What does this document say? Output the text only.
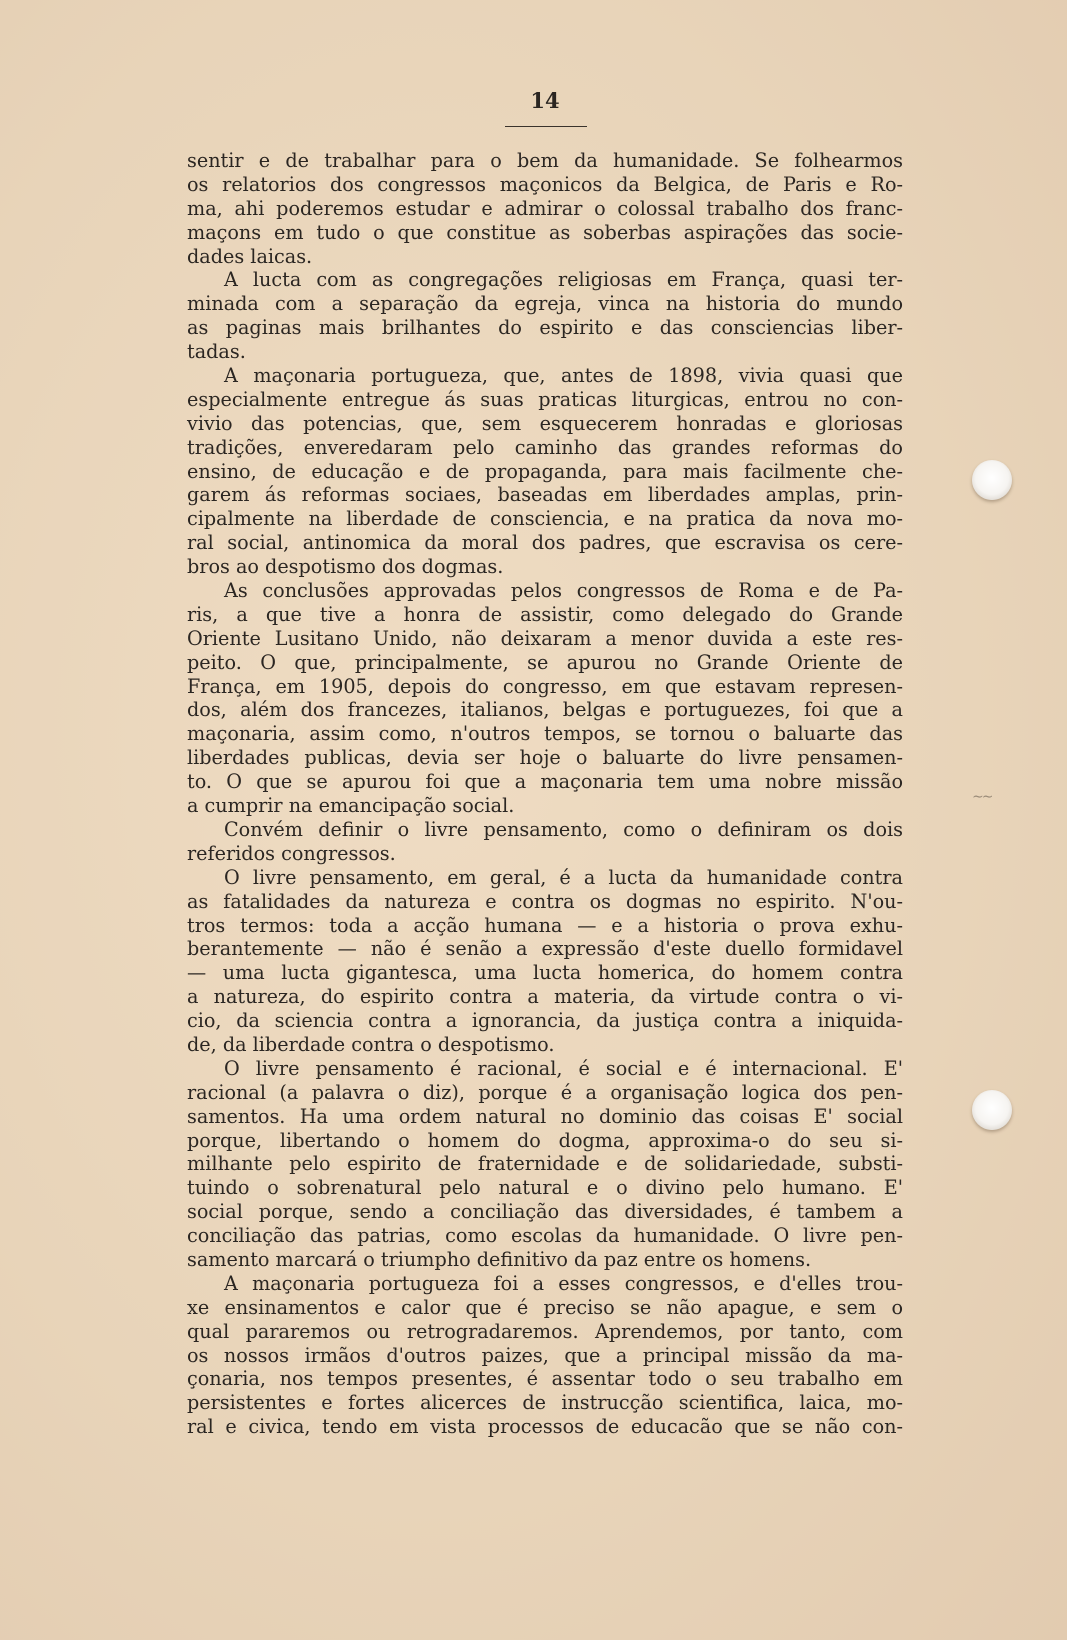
14
sentir e de trabalhar para o bem da humanidade. Se folhearmos
os relatorios dos congressos maçonicos da Belgica, de Paris e Ro-
ma, ahi poderemos estudar e admirar o colossal trabalho dos franc-
maçons em tudo o que constitue as soberbas aspirações das socie-
dades laicas.
A lucta com as congregações religiosas em França, quasi ter-
minada com a separação da egreja, vinca na historia do mundo
as paginas mais brilhantes do espirito e das consciencias liber-
tadas.
A maçonaria portugueza, que, antes de 1898, vivia quasi que
especialmente entregue ás suas praticas liturgicas, entrou no con-
vivio das potencias, que, sem esquecerem honradas e gloriosas
tradições, enveredaram pelo caminho das grandes reformas do
ensino, de educação e de propaganda, para mais facilmente che-
garem ás reformas sociaes, baseadas em liberdades amplas, prin-
cipalmente na liberdade de consciencia, e na pratica da nova mo-
ral social, antinomica da moral dos padres, que escravisa os cere-
bros ao despotismo dos dogmas.
As conclusões approvadas pelos congressos de Roma e de Pa-
ris, a que tive a honra de assistir, como delegado do Grande
Oriente Lusitano Unido, não deixaram a menor duvida a este res-
peito. O que, principalmente, se apurou no Grande Oriente de
França, em 1905, depois do congresso, em que estavam represen-
dos, além dos francezes, italianos, belgas e portuguezes, foi que a
maçonaria, assim como, n'outros tempos, se tornou o baluarte das
liberdades publicas, devia ser hoje o baluarte do livre pensamen-
to. O que se apurou foi que a maçonaria tem uma nobre missão
a cumprir na emancipação social.
Convém definir o livre pensamento, como o definiram os dois
referidos congressos.
O livre pensamento, em geral, é a lucta da humanidade contra
as fatalidades da natureza e contra os dogmas no espirito. N'ou-
tros termos: toda a acção humana — e a historia o prova exhu-
berantemente — não é senão a expressão d'este duello formidavel
— uma lucta gigantesca, uma lucta homerica, do homem contra
a natureza, do espirito contra a materia, da virtude contra o vi-
cio, da sciencia contra a ignorancia, da justiça contra a iniquida-
de, da liberdade contra o despotismo.
O livre pensamento é racional, é social e é internacional. E'
racional (a palavra o diz), porque é a organisação logica dos pen-
samentos. Ha uma ordem natural no dominio das coisas E' social
porque, libertando o homem do dogma, approxima-o do seu si-
milhante pelo espirito de fraternidade e de solidariedade, substi-
tuindo o sobrenatural pelo natural e o divino pelo humano. E'
social porque, sendo a conciliação das diversidades, é tambem a
conciliação das patrias, como escolas da humanidade. O livre pen-
samento marcará o triumpho definitivo da paz entre os homens.
A maçonaria portugueza foi a esses congressos, e d'elles trou-
xe ensinamentos e calor que é preciso se não apague, e sem o
qual pararemos ou retrogradaremos. Aprendemos, por tanto, com
os nossos irmãos d'outros paizes, que a principal missão da ma-
çonaria, nos tempos presentes, é assentar todo o seu trabalho em
persistentes e fortes alicerces de instrucção scientifica, laica, mo-
ral e civica, tendo em vista processos de educacão que se não con-
∼∼
